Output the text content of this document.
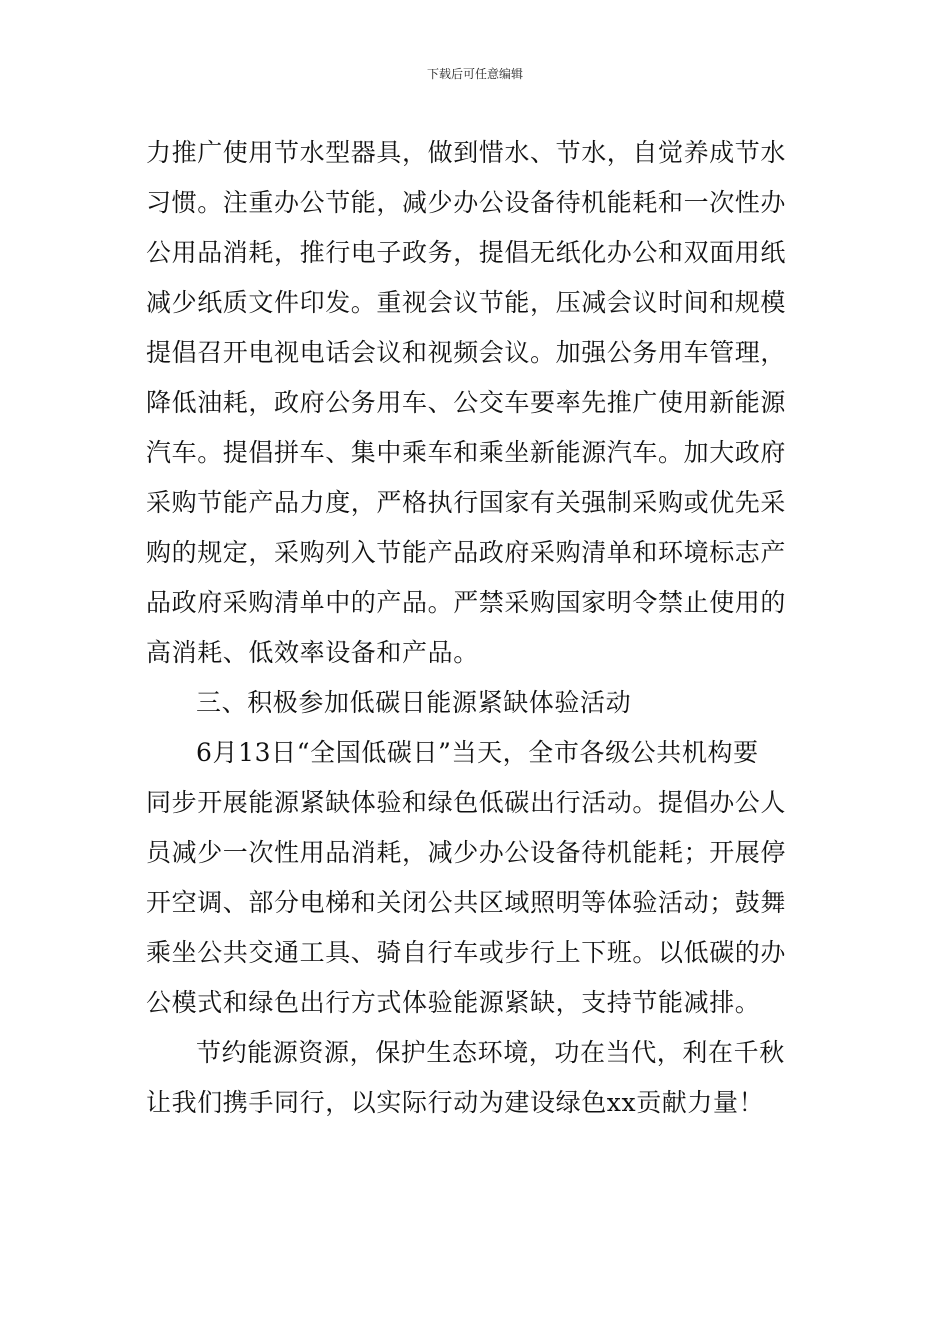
下载后可任意编辑
力推广使用节水型器具，做到惜水、节水，自觉养成节水
习惯。注重办公节能，减少办公设备待机能耗和一次性办
公用品消耗，推行电子政务，提倡无纸化办公和双面用纸
减少纸质文件印发。重视会议节能，压减会议时间和规模
提倡召开电视电话会议和视频会议。加强公务用车管理，
降低油耗，政府公务用车、公交车要率先推广使用新能源
汽车。提倡拼车、集中乘车和乘坐新能源汽车。加大政府
采购节能产品力度，严格执行国家有关强制采购或优先采
购的规定，采购列入节能产品政府采购清单和环境标志产
品政府采购清单中的产品。严禁采购国家明令禁止使用的
高消耗、低效率设备和产品。
三、积极参加低碳日能源紧缺体验活动
6月13日“全国低碳日”当天，全市各级公共机构要
同步开展能源紧缺体验和绿色低碳出行活动。提倡办公人
员减少一次性用品消耗，减少办公设备待机能耗；开展停
开空调、部分电梯和关闭公共区域照明等体验活动；鼓舞
乘坐公共交通工具、骑自行车或步行上下班。以低碳的办
公模式和绿色出行方式体验能源紧缺，支持节能减排。
节约能源资源，保护生态环境，功在当代，利在千秋
让我们携手同行，以实际行动为建设绿色xx贡献力量！
